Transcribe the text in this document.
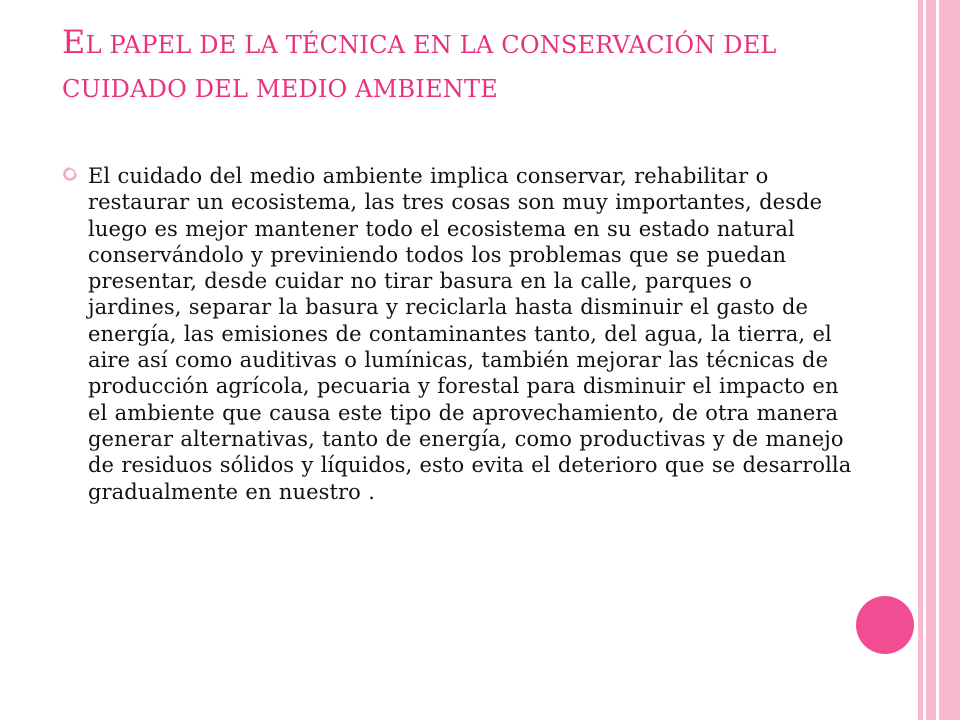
EL PAPEL DE LA TÉCNICA EN LA CONSERVACIÓN DEL CUIDADO DEL MEDIO AMBIENTE
El cuidado del medio ambiente implica conservar, rehabilitar o restaurar un ecosistema, las tres cosas son muy importantes, desde luego es mejor mantener todo el ecosistema en su estado natural conservándolo y previniendo todos los problemas que se puedan presentar, desde cuidar no tirar basura en la calle, parques o jardines, separar la basura y reciclarla hasta disminuir el gasto de energía, las emisiones de contaminantes tanto, del agua, la tierra, el aire así como auditivas o lumínicas, también mejorar las técnicas de producción agrícola, pecuaria y forestal para disminuir el impacto en el ambiente que causa este tipo de aprovechamiento, de otra manera generar alternativas, tanto de energía, como productivas y de manejo de residuos sólidos y líquidos, esto evita el deterioro que se desarrolla gradualmente en nuestro .
